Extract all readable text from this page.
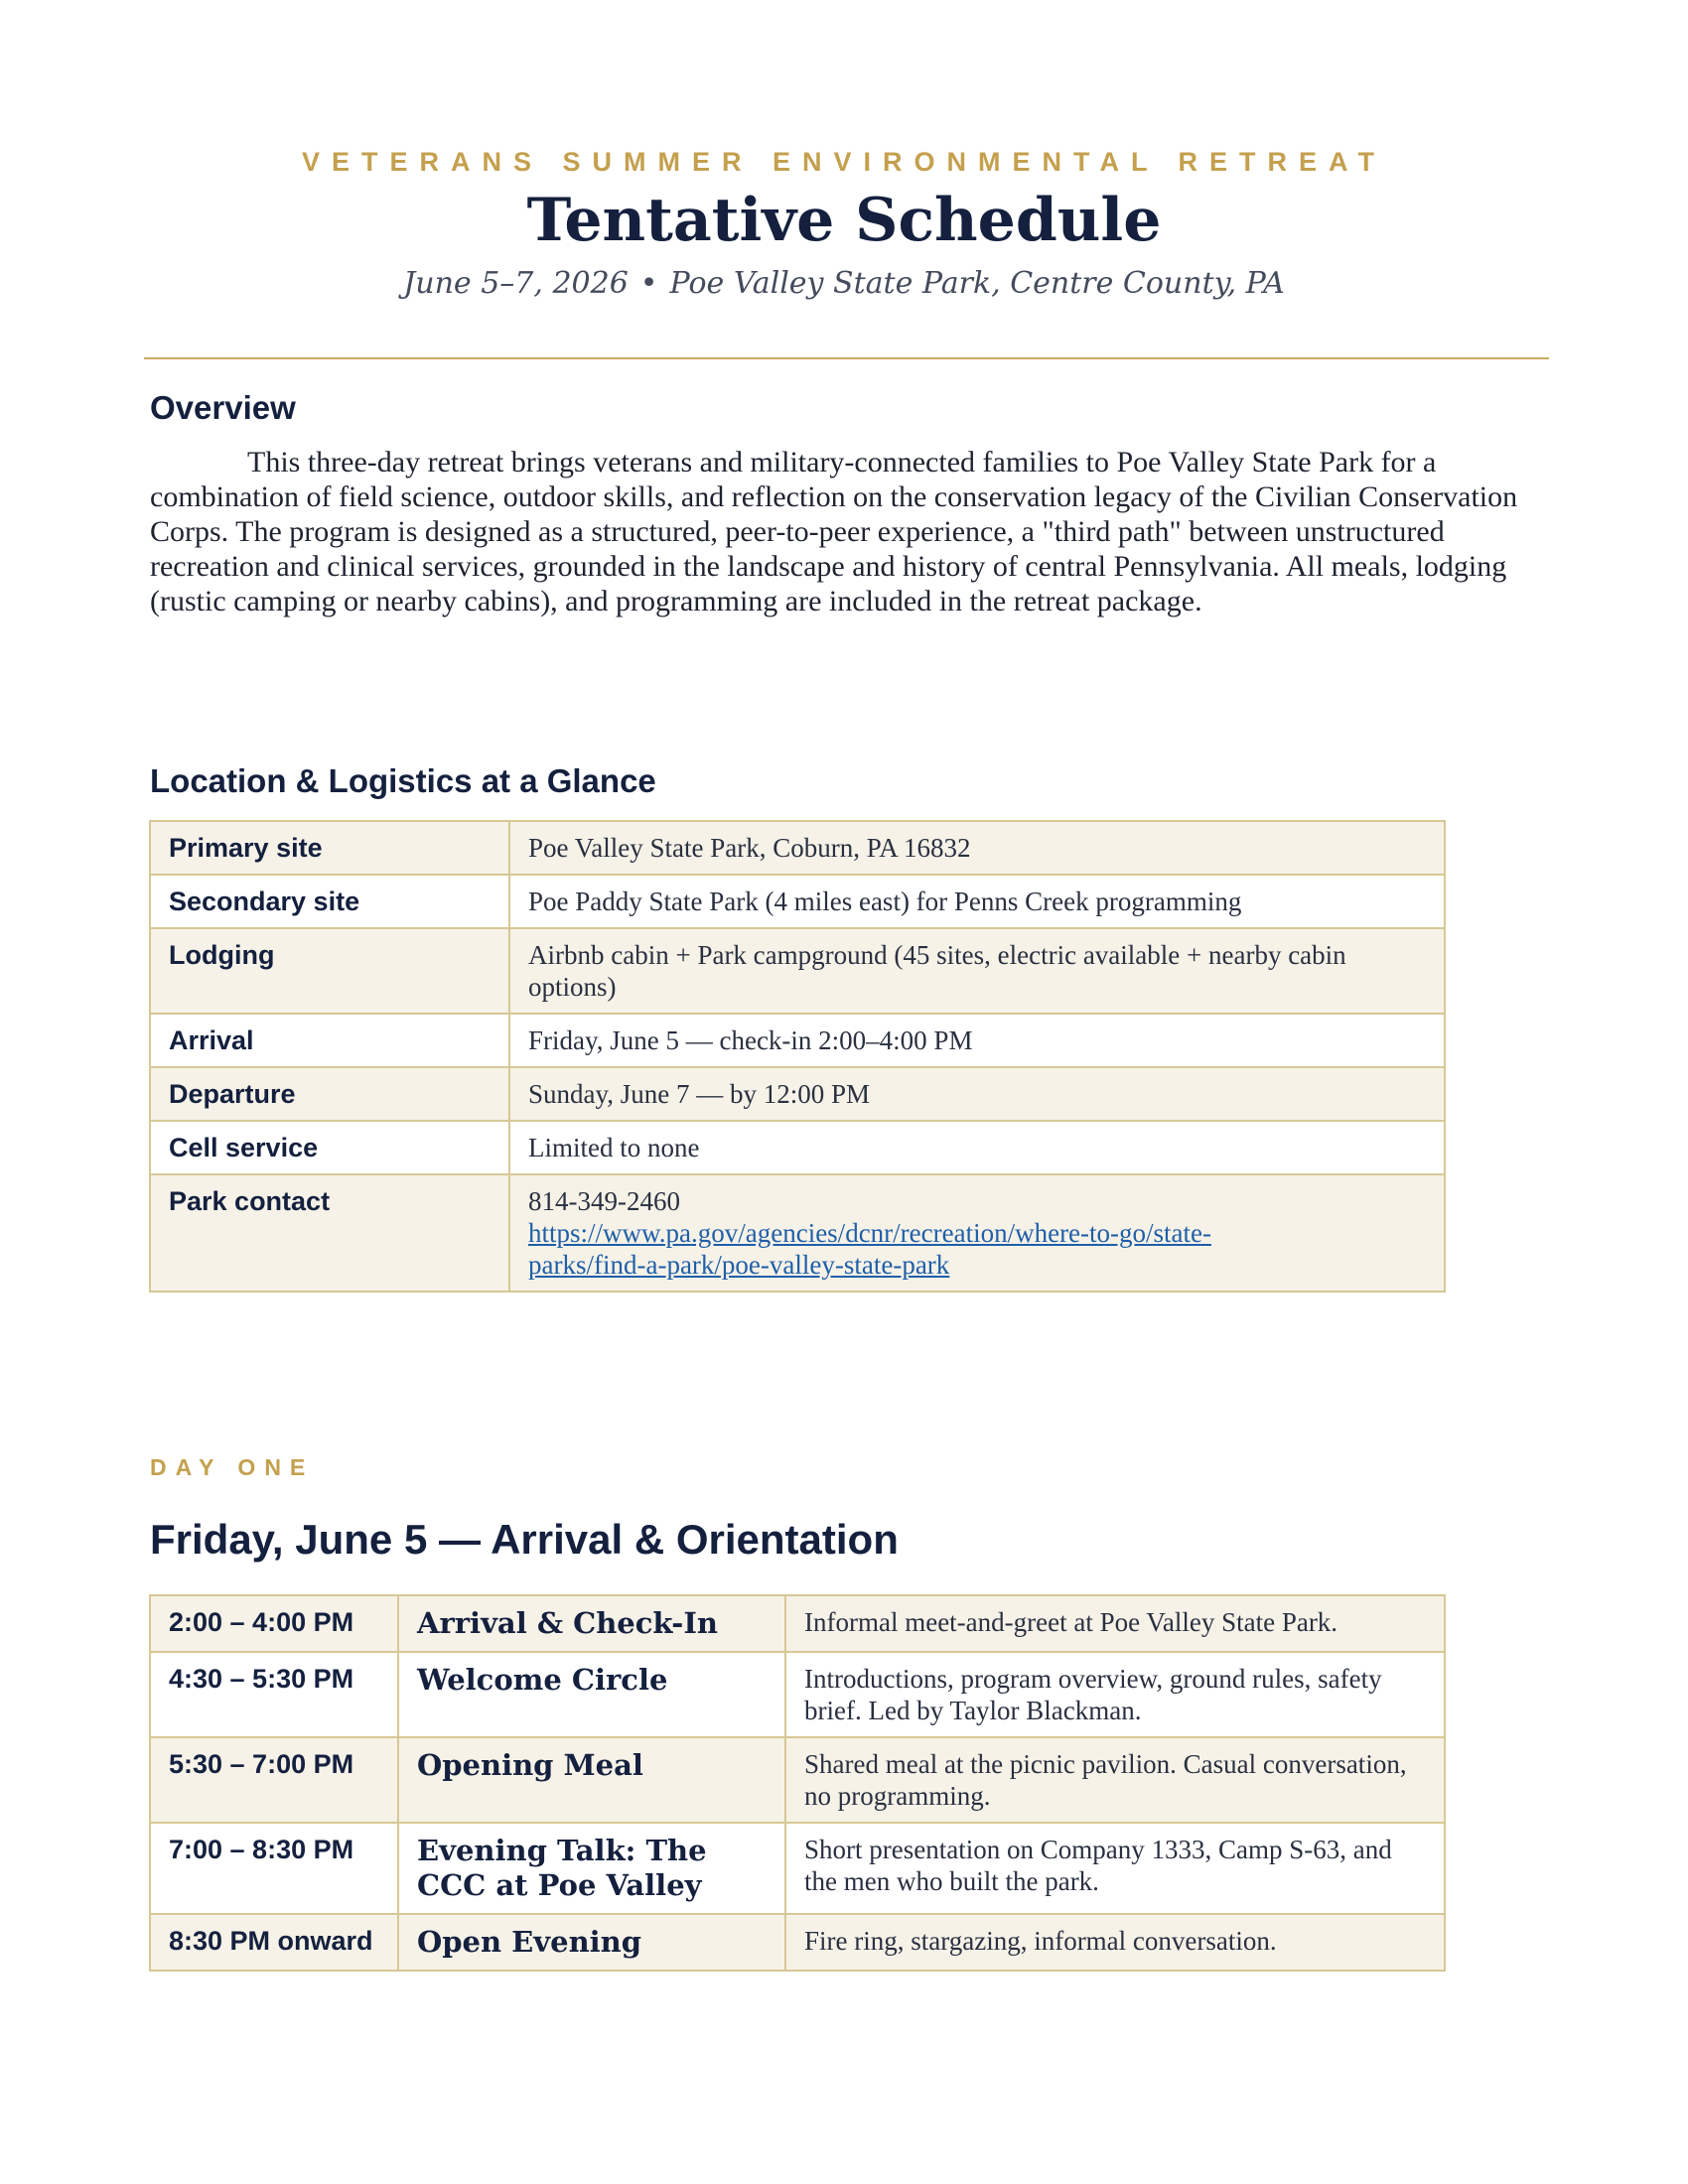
VETERANS SUMMER ENVIRONMENTAL RETREAT
Tentative Schedule
June 5–7, 2026 • Poe Valley State Park, Centre County, PA
Overview

This three-day retreat brings veterans and military-connected families to Poe Valley State Park for a combination of field science, outdoor skills, and reflection on the conservation legacy of the Civilian Conservation Corps. The program is designed as a structured, peer-to-peer experience, a "third path" between unstructured recreation and clinical services, grounded in the landscape and history of central Pennsylvania. All meals, lodging (rustic camping or nearby cabins), and programming are included in the retreat package.

Location & Logistics at a Glance
Primary site	Poe Valley State Park, Coburn, PA 16832
Secondary site	Poe Paddy State Park (4 miles east) for Penns Creek programming
Lodging	Airbnb cabin + Park campground (45 sites, electric available + nearby cabin options)
Arrival	Friday, June 5 — check-in 2:00–4:00 PM
Departure	Sunday, June 7 — by 12:00 PM
Cell service	Limited to none
Park contact	814-349-2460
https://www.pa.gov/agencies/dcnr/recreation/where-to-go/state-
parks/find-a-park/poe-valley-state-park
DAY ONE
Friday, June 5 — Arrival & Orientation
2:00 – 4:00 PM	Arrival & Check-In	Informal meet-and-greet at Poe Valley State Park.
4:30 – 5:30 PM	Welcome Circle	Introductions, program overview, ground rules, safety brief. Led by Taylor Blackman.
5:30 – 7:00 PM	Opening Meal	Shared meal at the picnic pavilion. Casual conversation, no programming.
7:00 – 8:30 PM	Evening Talk: The CCC at Poe Valley	Short presentation on Company 1333, Camp S-63, and the men who built the park.
8:30 PM onward	Open Evening	Fire ring, stargazing, informal conversation.
